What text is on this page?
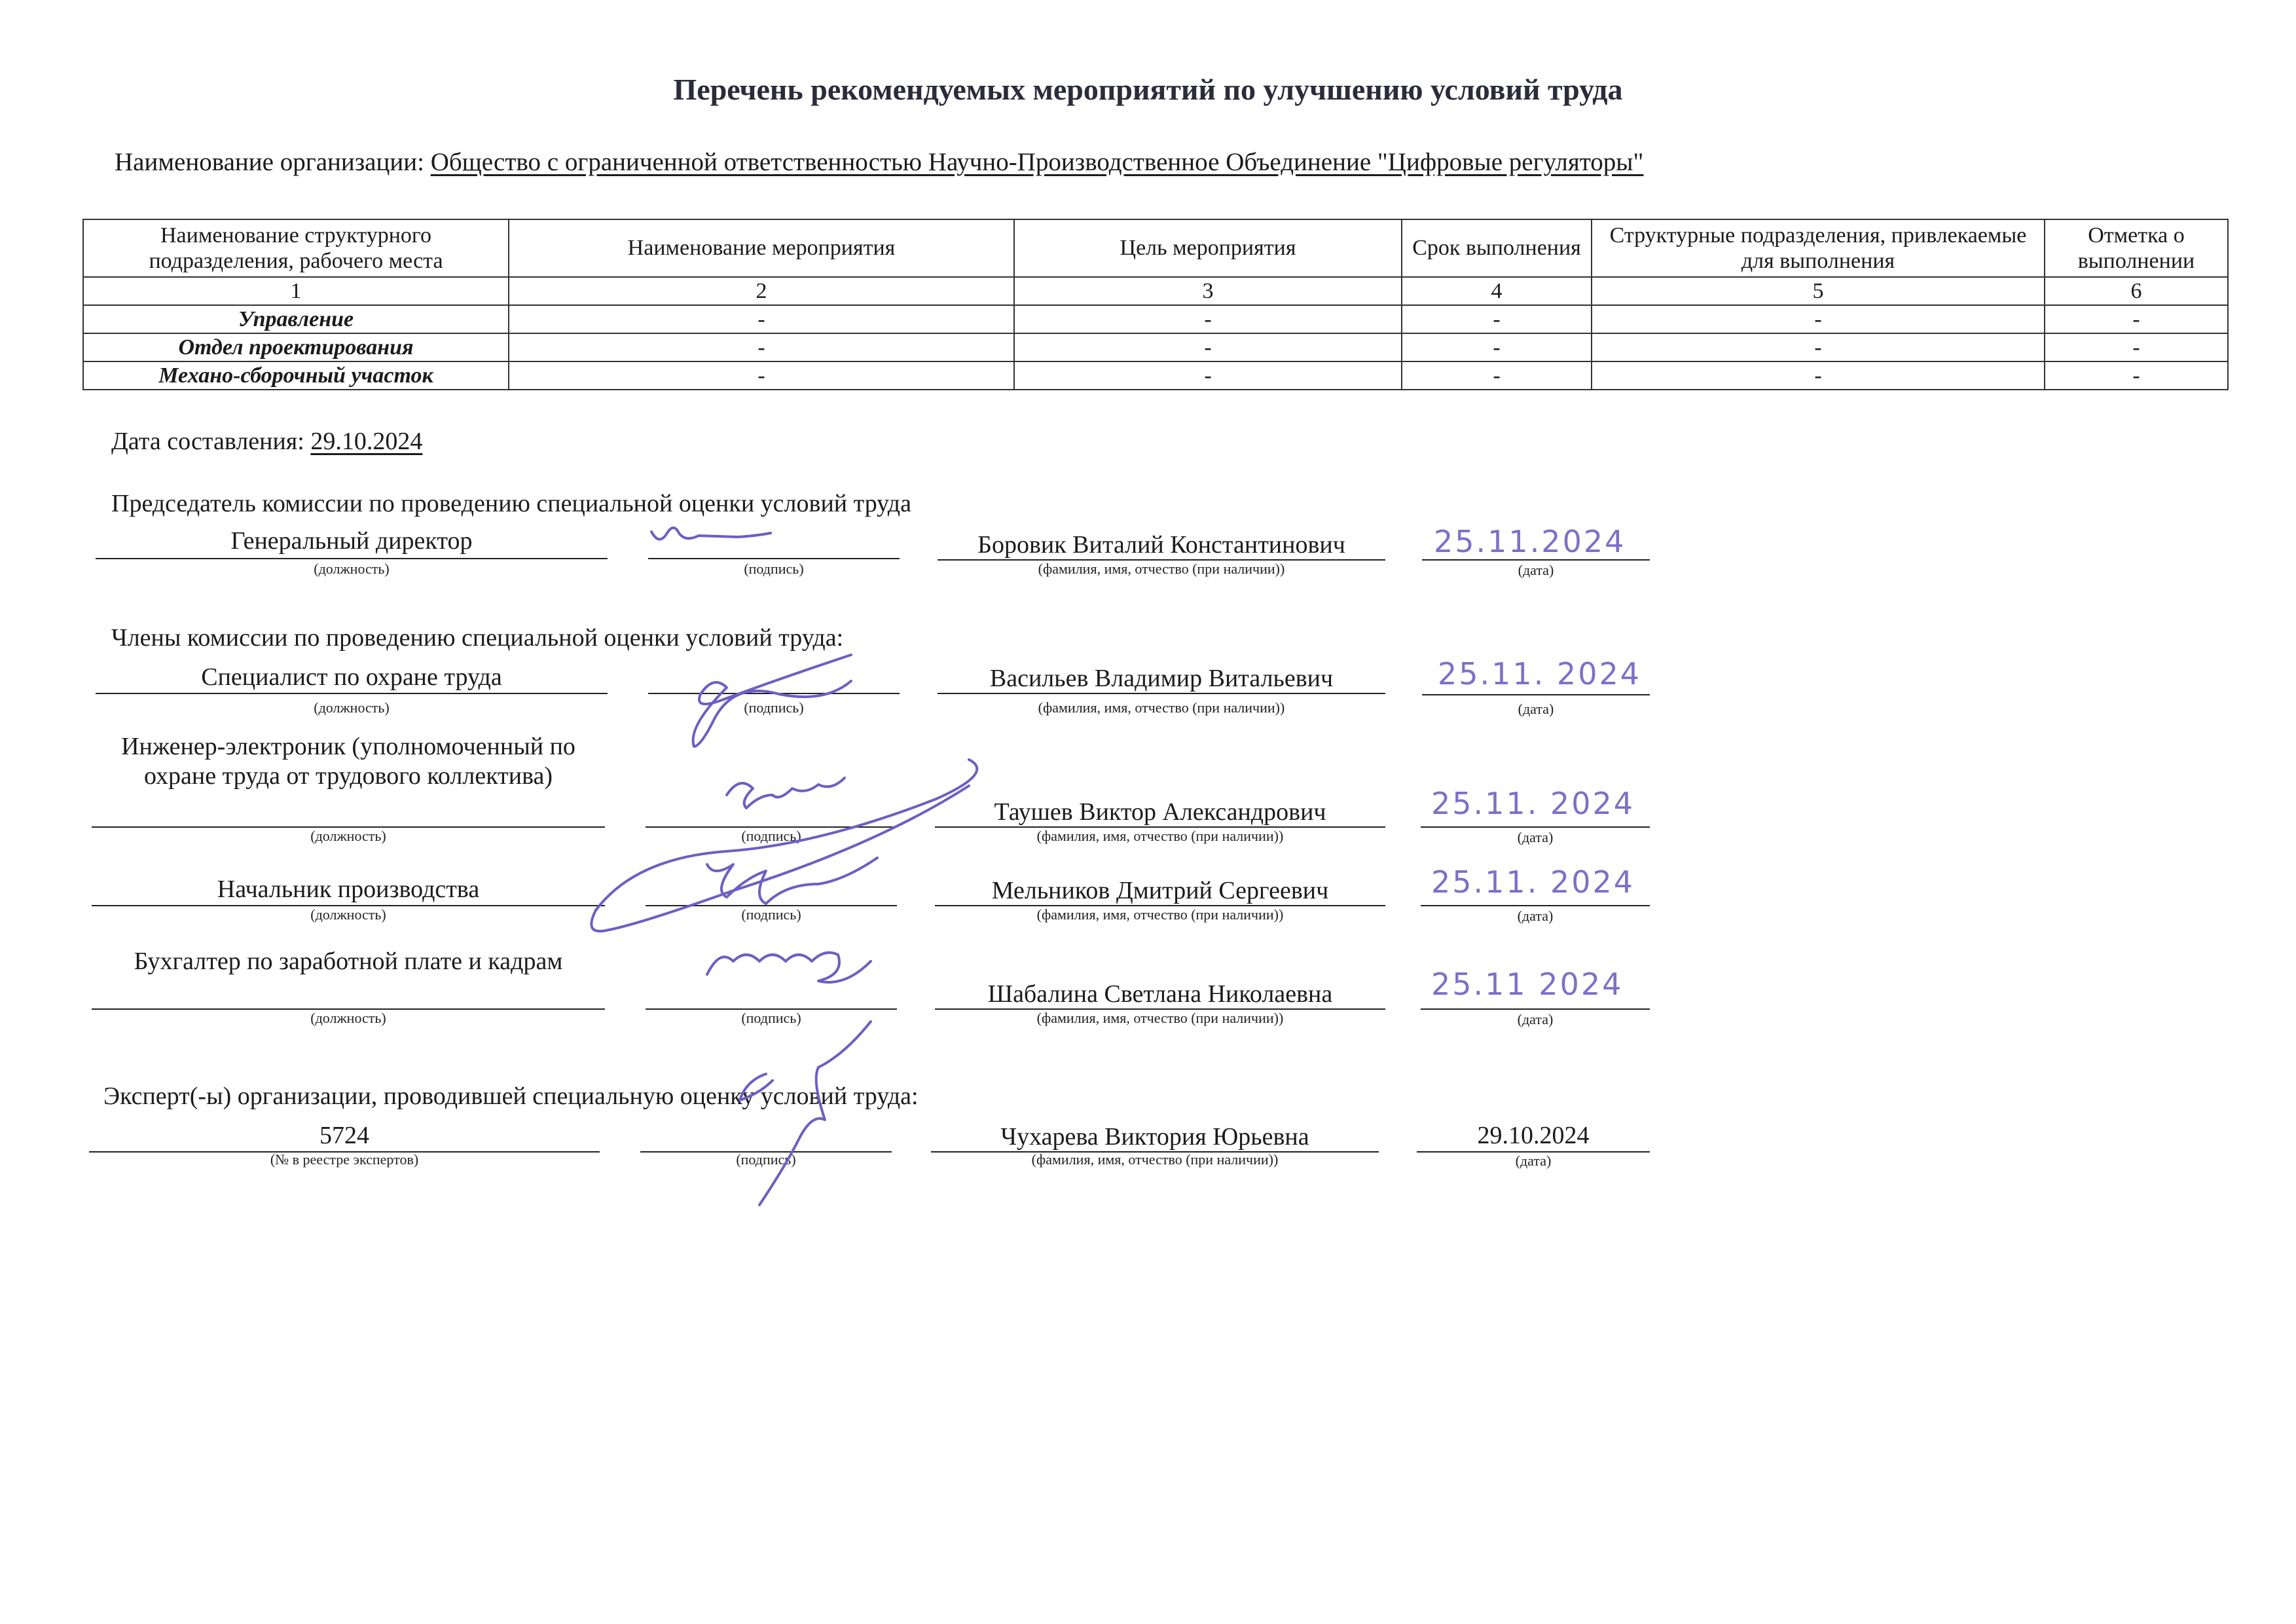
Перечень рекомендуемых мероприятий по улучшению условий труда
Наименование организации: Общество с ограниченной ответственностью Научно-Производственное Объединение "Цифровые регуляторы"
Наименование структурного подразделения, рабочего места	Наименование мероприятия	Цель мероприятия	Срок выполнения	Структурные подразделения, привлекаемые для выполнения	Отметка о выполнении
1	2	3	4	5	6
Управление	-	-	-	-	-
Отдел проектирования	-	-	-	-	-
Механо-сборочный участок	-	-	-	-	-
Дата составления: 29.10.2024
Председатель комиссии по проведению специальной оценки условий труда
Генеральный директор
(должность)	(подпись)
Боровик Виталий Константинович
(фамилия, имя, отчество (при наличии))
25.11.2024
(дата)
Члены комиссии по проведению специальной оценки условий труда:
Специалист по охране труда
(должность)	(подпись)
Васильев Владимир Витальевич
(фамилия, имя, отчество (при наличии))
25.11. 2024
(дата)
Инженер-электроник (уполномоченный по охране труда от трудового коллектива)
(должность)	(подпись)
Таушев Виктор Александрович
(фамилия, имя, отчество (при наличии))
25.11. 2024
(дата)
Начальник производства
(должность)	(подпись)
Мельников Дмитрий Сергеевич
(фамилия, имя, отчество (при наличии))
25.11. 2024
(дата)
Бухгалтер по заработной плате и кадрам
(должность)	(подпись)
Шабалина Светлана Николаевна
(фамилия, имя, отчество (при наличии))
25.11 2024
(дата)
Эксперт(-ы) организации, проводившей специальную оценку условий труда:
5724
(№ в реестре экспертов)	(подпись)
Чухарева Виктория Юрьевна
(фамилия, имя, отчество (при наличии))
29.10.2024
(дата)
